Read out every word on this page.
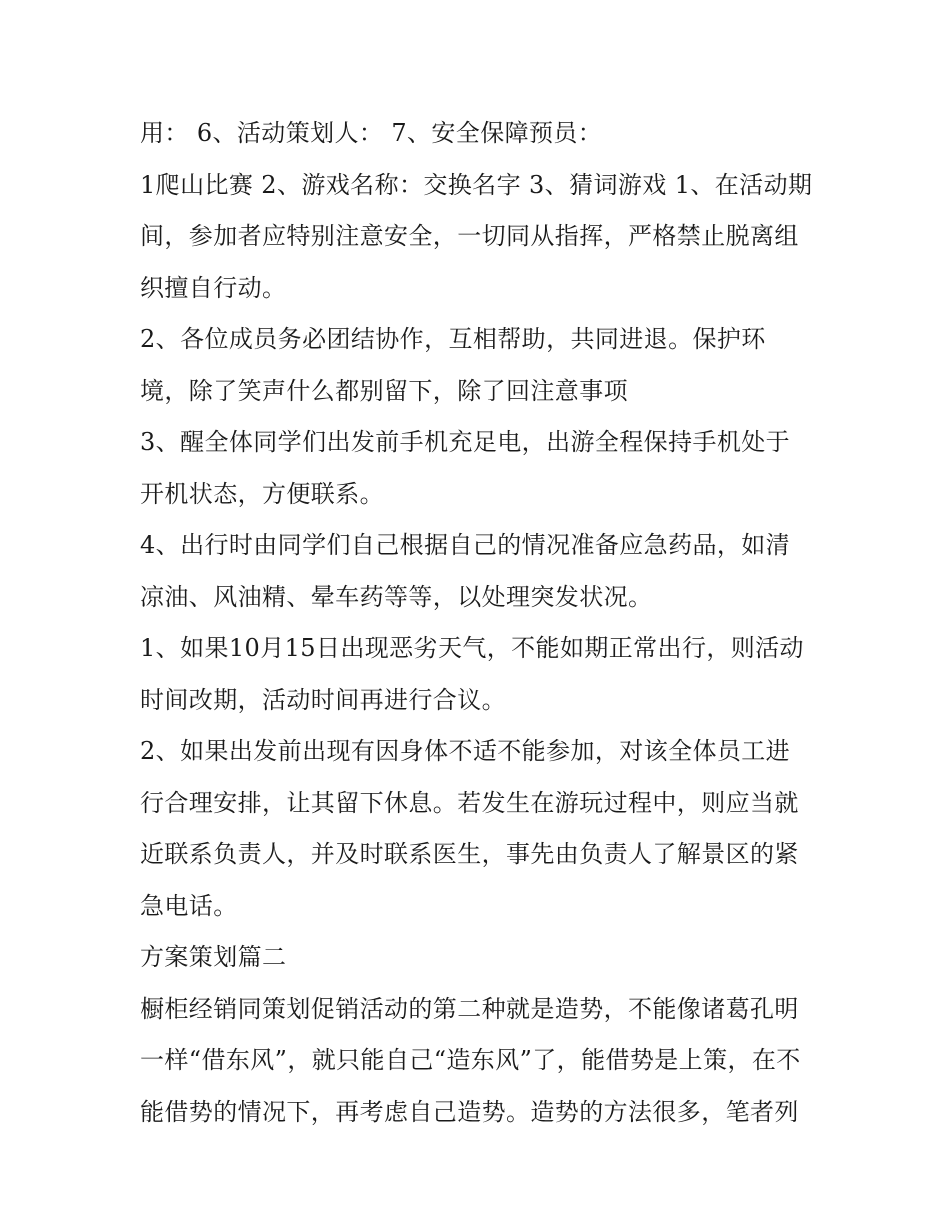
用： 6、活动策划人： 7、安全保障预员：
1爬山比赛 2、游戏名称：交换名字 3、猜词游戏 1、在活动期
间，参加者应特别注意安全，一切同从指挥，严格禁止脱离组
织擅自行动。
2、各位成员务必团结协作，互相帮助，共同进退。保护环
境，除了笑声什么都别留下，除了回注意事项
3、醒全体同学们出发前手机充足电，出游全程保持手机处于
开机状态，方便联系。
4、出行时由同学们自己根据自己的情况准备应急药品，如清
凉油、风油精、晕车药等等，以处理突发状况。
1、如果10月15日出现恶劣天气，不能如期正常出行，则活动
时间改期，活动时间再进行合议。
2、如果出发前出现有因身体不适不能参加，对该全体员工进
行合理安排，让其留下休息。若发生在游玩过程中，则应当就
近联系负责人，并及时联系医生，事先由负责人了解景区的紧
急电话。
方案策划篇二
橱柜经销同策划促销活动的第二种就是造势，不能像诸葛孔明
一样“借东风”，就只能自己“造东风”了，能借势是上策，在不
能借势的情况下，再考虑自己造势。造势的方法很多，笔者列
